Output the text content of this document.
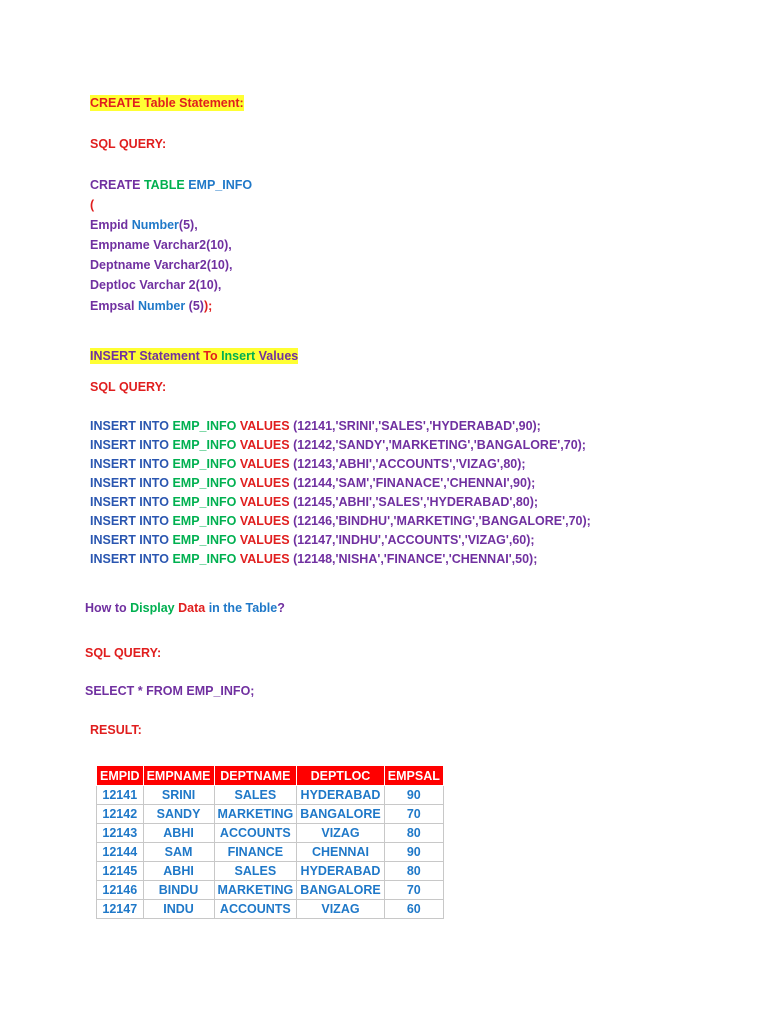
CREATE Table Statement:
SQL QUERY:
CREATE TABLE EMP_INFO
(
Empid Number(5),
Empname Varchar2(10),
Deptname Varchar2(10),
Deptloc Varchar 2(10),
Empsal Number (5));
INSERT Statement To Insert Values
SQL QUERY:
INSERT INTO EMP_INFO VALUES (12141,'SRINI','SALES','HYDERABAD',90);
INSERT INTO EMP_INFO VALUES (12142,'SANDY','MARKETING','BANGALORE',70);
INSERT INTO EMP_INFO VALUES (12143,'ABHI','ACCOUNTS','VIZAG',80);
INSERT INTO EMP_INFO VALUES (12144,'SAM','FINANACE','CHENNAI',90);
INSERT INTO EMP_INFO VALUES (12145,'ABHI','SALES','HYDERABAD',80);
INSERT INTO EMP_INFO VALUES (12146,'BINDHU','MARKETING','BANGALORE',70);
INSERT INTO EMP_INFO VALUES (12147,'INDHU','ACCOUNTS','VIZAG',60);
INSERT INTO EMP_INFO VALUES (12148,'NISHA','FINANCE','CHENNAI',50);
How to Display Data in the Table?
SQL QUERY:
SELECT * FROM EMP_INFO;
RESULT:
EMPID	EMPNAME	DEPTNAME	DEPTLOC	EMPSAL
12141	SRINI	SALES	HYDERABAD	90
12142	SANDY	MARKETING	BANGALORE	70
12143	ABHI	ACCOUNTS	VIZAG	80
12144	SAM	FINANCE	CHENNAI	90
12145	ABHI	SALES	HYDERABAD	80
12146	BINDU	MARKETING	BANGALORE	70
12147	INDU	ACCOUNTS	VIZAG	60
